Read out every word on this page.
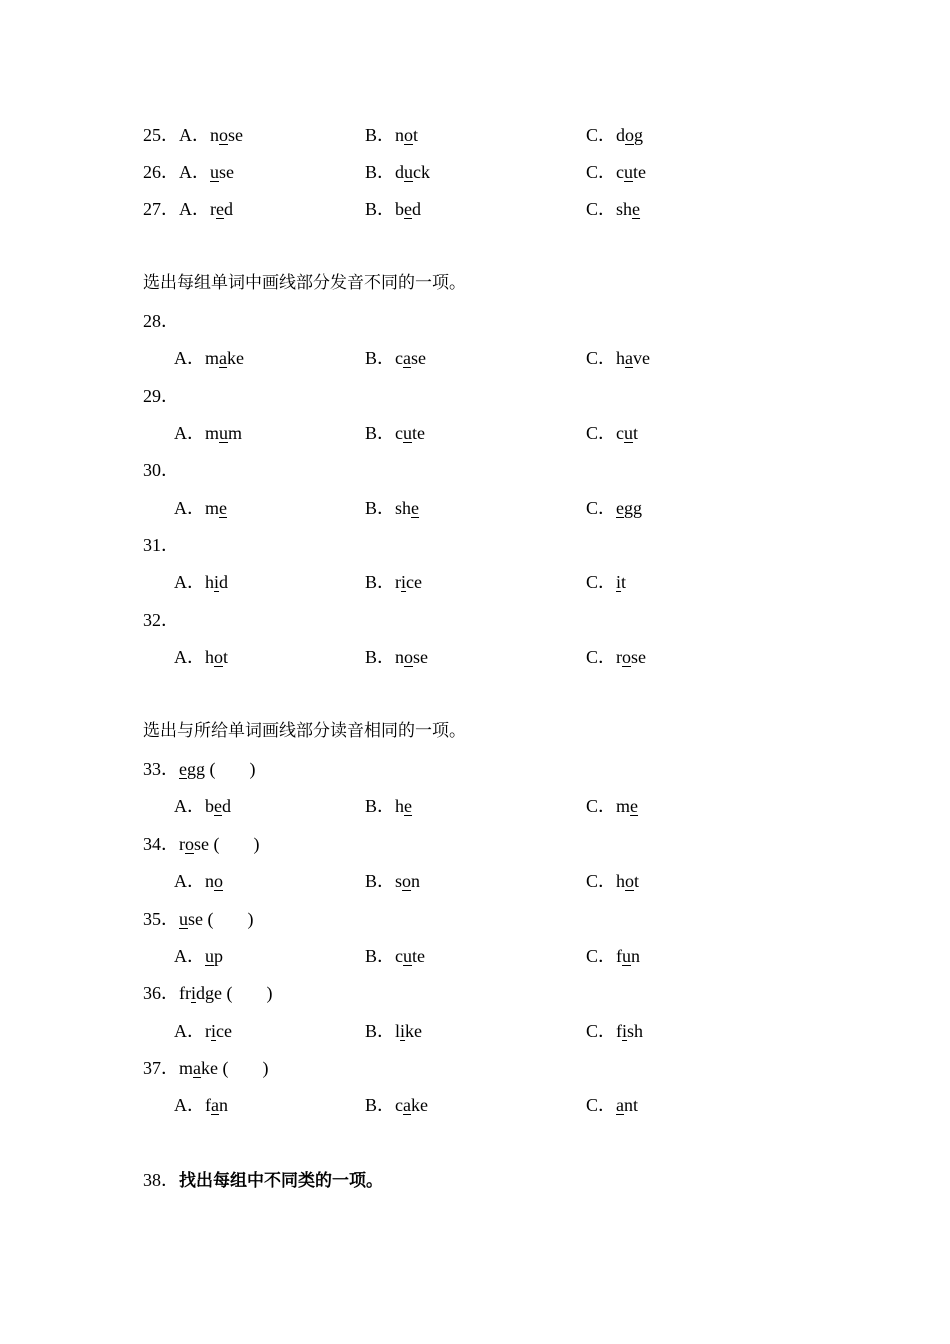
25．A．nose	B．not	C．dog
26．A．use	B．duck	C．cute
27．A．red	B．bed	C．she
选出每组单词中画线部分发音不同的一项。
28．
A．make	B．case	C．have
29．
A．mum	B．cute	C．cut
30．
A．me	B．she	C．egg
31．
A．hid	B．rice	C．it
32．
A．hot	B．nose	C．rose
选出与所给单词画线部分读音相同的一项。
33．egg ( )
A．bed	B．he	C．me
34．rose ( )
A．no	B．son	C．hot
35．use ( )
A．up	B．cute	C．fun
36．fridge ( )
A．rice	B．like	C．fish
37．make ( )
A．fan	B．cake	C．ant
38．找出每组中不同类的一项。
